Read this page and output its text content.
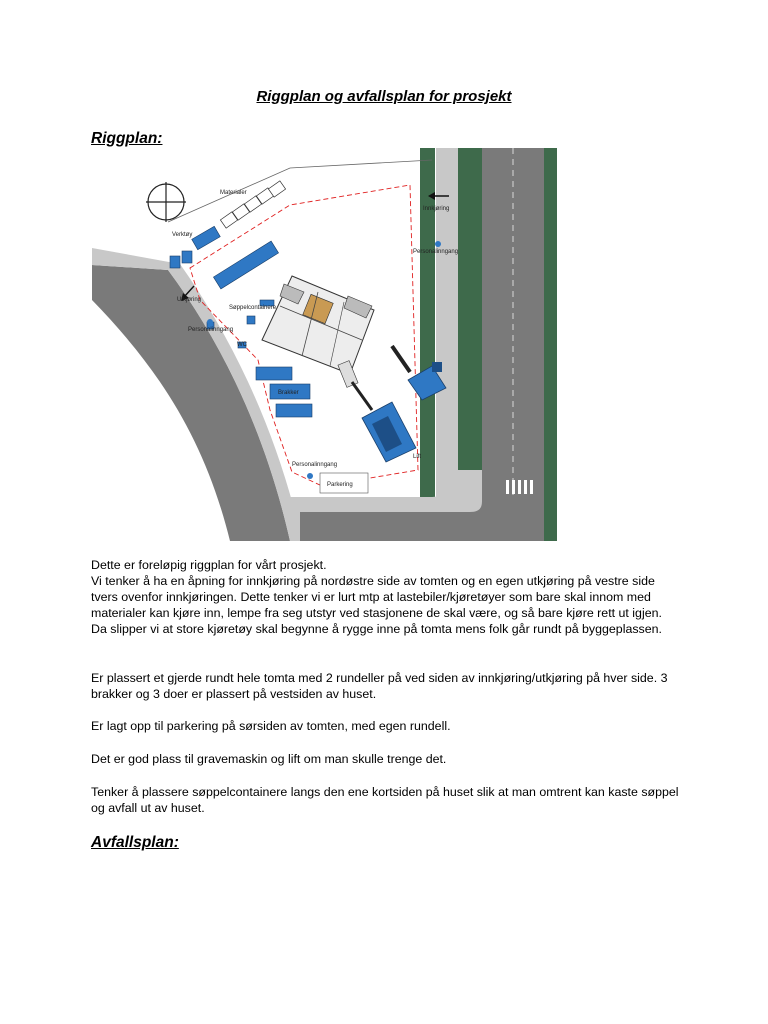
Riggplan og avfallsplan for prosjekt
Riggplan:
Materialer
Verktøy
Innkjøring
Personalinngang
Utkjøring
Søppelcontainere
Personalinngang
WC
Brakker
Personalinngang
Parkering
Lift

Dette er foreløpig riggplan for vårt prosjekt.
Vi tenker å ha en åpning for innkjøring på nordøstre side av tomten og en egen utkjøring på vestre side tvers ovenfor innkjøringen. Dette tenker vi er lurt mtp at lastebiler/kjøretøyer som bare skal innom med materialer kan kjøre inn, lempe fra seg utstyr ved stasjonene de skal være, og så bare kjøre rett ut igjen. Da slipper vi at store kjøretøy skal begynne å rygge inne på tomta mens folk går rundt på byggeplassen.

Er plassert et gjerde rundt hele tomta med 2 rundeller på ved siden av innkjøring/utkjøring på hver side. 3 brakker og 3 doer er plassert på vestsiden av huset.

Er lagt opp til parkering på sørsiden av tomten, med egen rundell.

Det er god plass til gravemaskin og lift om man skulle trenge det.

Tenker å plassere søppelcontainere langs den ene kortsiden på huset slik at man omtrent kan kaste søppel og avfall ut av huset.

Avfallsplan:
